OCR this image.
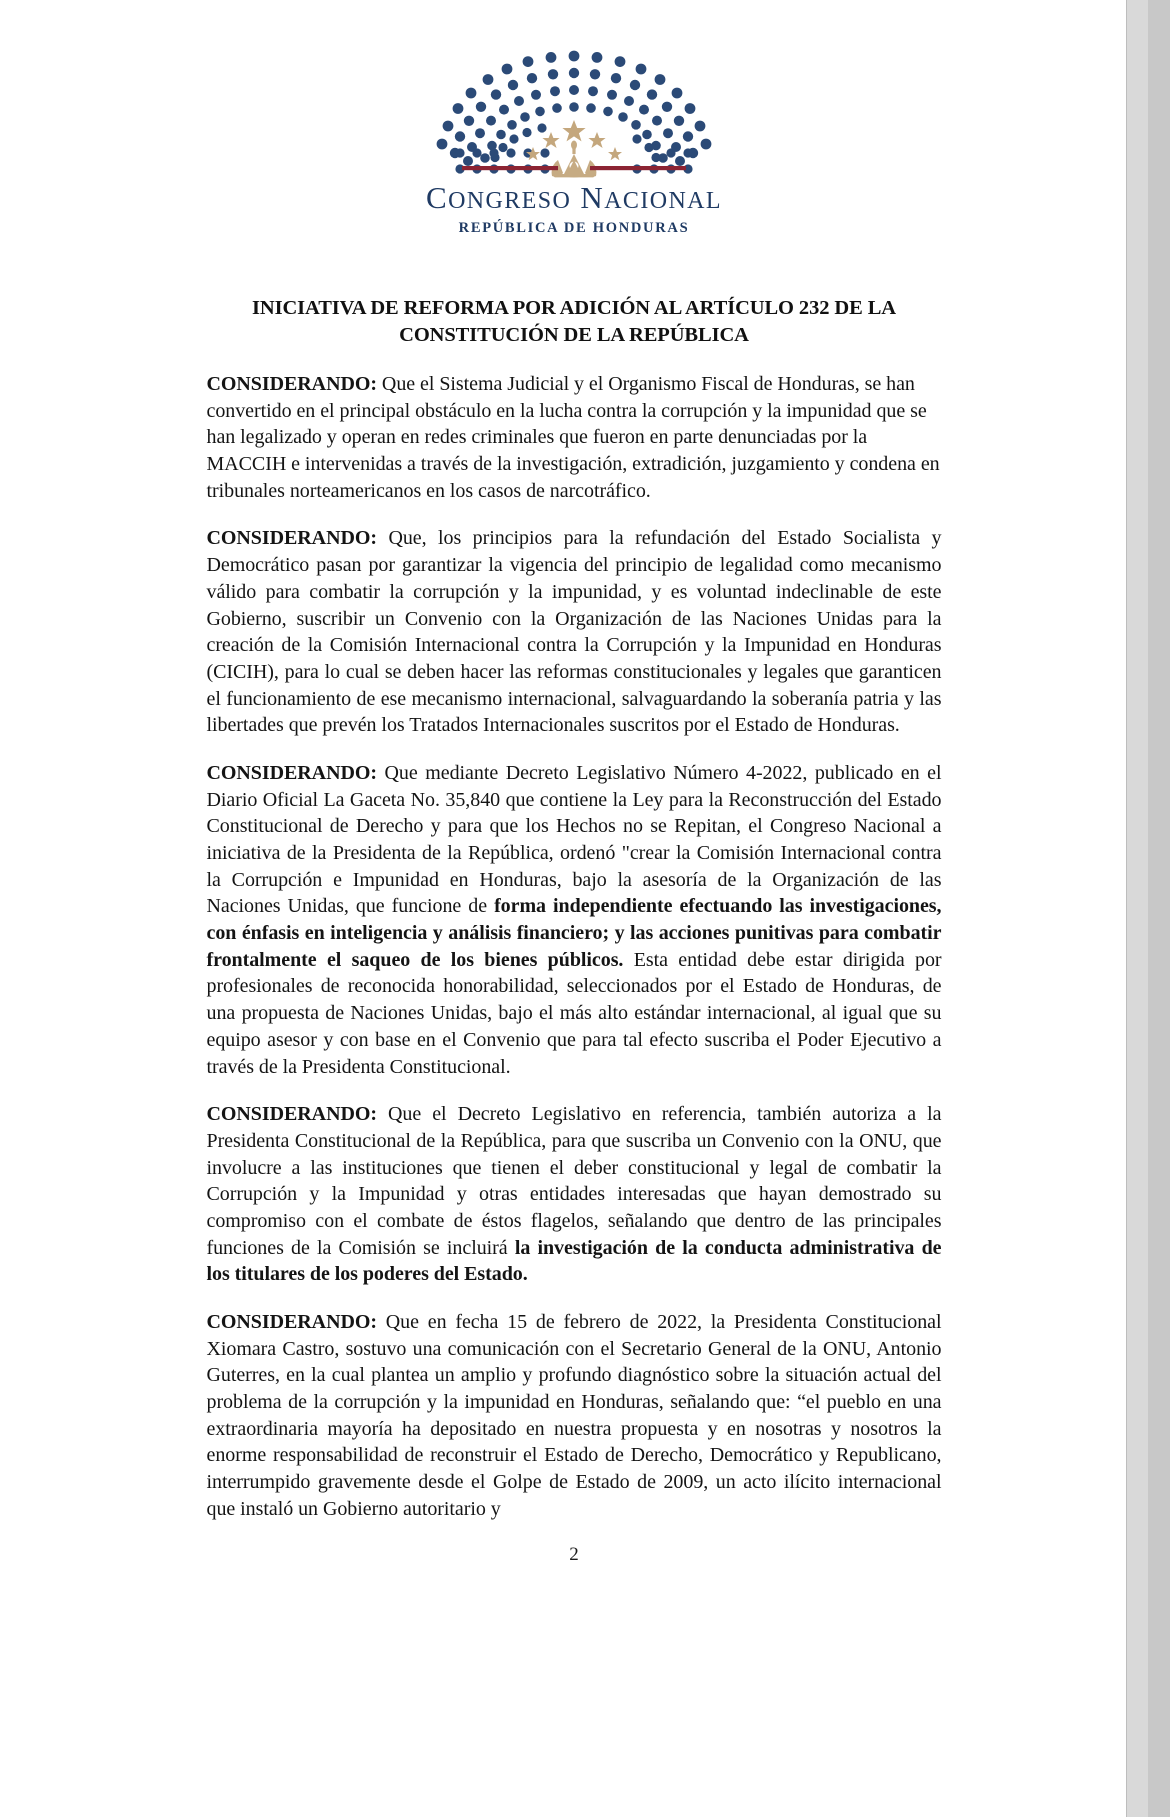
CONGRESO NACIONAL
REPÚBLICA DE HONDURAS
INICIATIVA DE REFORMA POR ADICIÓN AL ARTÍCULO 232 DE LA CONSTITUCIÓN DE LA REPÚBLICA

CONSIDERANDO: Que el Sistema Judicial y el Organismo Fiscal de Honduras, se han convertido en el principal obstáculo en la lucha contra la corrupción y la impunidad que se han legalizado y operan en redes criminales que fueron en parte denunciadas por la MACCIH e intervenidas a través de la investigación, extradición, juzgamiento y condena en tribunales norteamericanos en los casos de narcotráfico.

CONSIDERANDO: Que, los principios para la refundación del Estado Socialista y Democrático pasan por garantizar la vigencia del principio de legalidad como mecanismo válido para combatir la corrupción y la impunidad, y es voluntad indeclinable de este Gobierno, suscribir un Convenio con la Organización de las Naciones Unidas para la creación de la Comisión Internacional contra la Corrupción y la Impunidad en Honduras (CICIH), para lo cual se deben hacer las reformas constitucionales y legales que garanticen el funcionamiento de ese mecanismo internacional, salvaguardando la soberanía patria y las libertades que prevén los Tratados Internacionales suscritos por el Estado de Honduras.

CONSIDERANDO: Que mediante Decreto Legislativo Número 4-2022, publicado en el Diario Oficial La Gaceta No. 35,840 que contiene la Ley para la Reconstrucción del Estado Constitucional de Derecho y para que los Hechos no se Repitan, el Congreso Nacional a iniciativa de la Presidenta de la República, ordenó "crear la Comisión Internacional contra la Corrupción e Impunidad en Honduras, bajo la asesoría de la Organización de las Naciones Unidas, que funcione de forma independiente efectuando las investigaciones, con énfasis en inteligencia y análisis financiero; y las acciones punitivas para combatir frontalmente el saqueo de los bienes públicos. Esta entidad debe estar dirigida por profesionales de reconocida honorabilidad, seleccionados por el Estado de Honduras, de una propuesta de Naciones Unidas, bajo el más alto estándar internacional, al igual que su equipo asesor y con base en el Convenio que para tal efecto suscriba el Poder Ejecutivo a través de la Presidenta Constitucional.

CONSIDERANDO: Que el Decreto Legislativo en referencia, también autoriza a la Presidenta Constitucional de la República, para que suscriba un Convenio con la ONU, que involucre a las instituciones que tienen el deber constitucional y legal de combatir la Corrupción y la Impunidad y otras entidades interesadas que hayan demostrado su compromiso con el combate de éstos flagelos, señalando que dentro de las principales funciones de la Comisión se incluirá la investigación de la conducta administrativa de los titulares de los poderes del Estado.

CONSIDERANDO: Que en fecha 15 de febrero de 2022, la Presidenta Constitucional Xiomara Castro, sostuvo una comunicación con el Secretario General de la ONU, Antonio Guterres, en la cual plantea un amplio y profundo diagnóstico sobre la situación actual del problema de la corrupción y la impunidad en Honduras, señalando que: “el pueblo en una extraordinaria mayoría ha depositado en nuestra propuesta y en nosotras y nosotros la enorme responsabilidad de reconstruir el Estado de Derecho, Democrático y Republicano, interrumpido gravemente desde el Golpe de Estado de 2009, un acto ilícito internacional que instaló un Gobierno autoritario y

2
